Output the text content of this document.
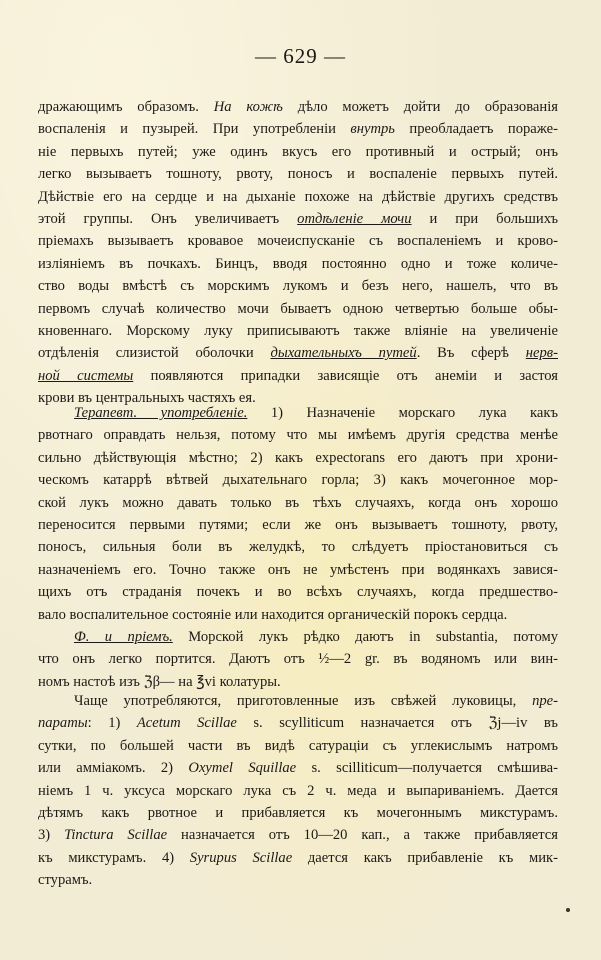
— 629 —
дражающимъ образомъ. На кожѣ дѣло можетъ дойти до образованія
воспаленія и пузырей. При употребленіи внутрь преобладаетъ пораже-
ніе первыхъ путей; уже одинъ вкусъ его противный и острый; онъ
легко вызываетъ тошноту, рвоту, поносъ и воспаленіе первыхъ путей.
Дѣйствіе его на сердце и на дыханіе похоже на дѣйствіе другихъ средствъ
этой группы. Онъ увеличиваетъ отдѣленіе мочи и при большихъ
пріемахъ вызываетъ кровавое мочеиспусканіе съ воспаленіемъ и крово-
изліяніемъ въ почкахъ. Бинцъ, вводя постоянно одно и тоже количе-
ство воды вмѣстѣ съ морскимъ лукомъ и безъ него, нашелъ, что въ
первомъ случаѣ количество мочи бываетъ одною четвертью больше обы-
кновеннаго. Морскому луку приписываютъ также вліяніе на увеличеніе
отдѣленія слизистой оболочки дыхательныхъ путей. Въ сферѣ нерв-
ной системы появляются припадки зависящіе отъ анеміи и застоя
крови въ центральныхъ частяхъ ея.
Терапевт. употребленіе. 1) Назначеніе морскаго лука какъ
рвотнаго оправдать нельзя, потому что мы имѣемъ другія средства менѣе
сильно дѣйствующія мѣстно; 2) какъ expectorans его даютъ при хрони-
ческомъ катаррѣ вѣтвей дыхательнаго горла; 3) какъ мочегонное мор-
ской лукъ можно давать только въ тѣхъ случаяхъ, когда онъ хорошо
переносится первыми путями; если же онъ вызываетъ тошноту, рвоту,
поносъ, сильныя боли въ желудкѣ, то слѣдуетъ пріостановиться съ
назначеніемъ его. Точно также онъ не умѣстенъ при водянкахъ завися-
щихъ отъ страданія почекъ и во всѣхъ случаяхъ, когда предшество-
вало воспалительное состояніе или находится органическій порокъ сердца.
Ф. и пріемъ. Морской лукъ рѣдко даютъ in substantia, потому
что онъ легко портится. Даютъ отъ ½—2 gr. въ водяномъ или вин-
номъ настоѣ изъ ℨβ— на ℥vi колатуры.
Чаще употребляются, приготовленные изъ свѣжей луковицы, пре-
параты: 1) Acetum Scillae s. scylliticum назначается отъ ℨj—iv въ
сутки, по большей части въ видѣ сатураціи съ углекислымъ натромъ
или амміакомъ. 2) Oxymel Squillae s. scilliticum—получается смѣшива-
ніемъ 1 ч. уксуса морскаго лука съ 2 ч. меда и выпариваніемъ. Дается
дѣтямъ какъ рвотное и прибавляется къ мочегоннымъ микстурамъ.
3) Tinctura Scillae назначается отъ 10—20 кап., а также прибавляется
къ микстурамъ. 4) Syrupus Scillae дается какъ прибавленіе къ мик-
стурамъ.
